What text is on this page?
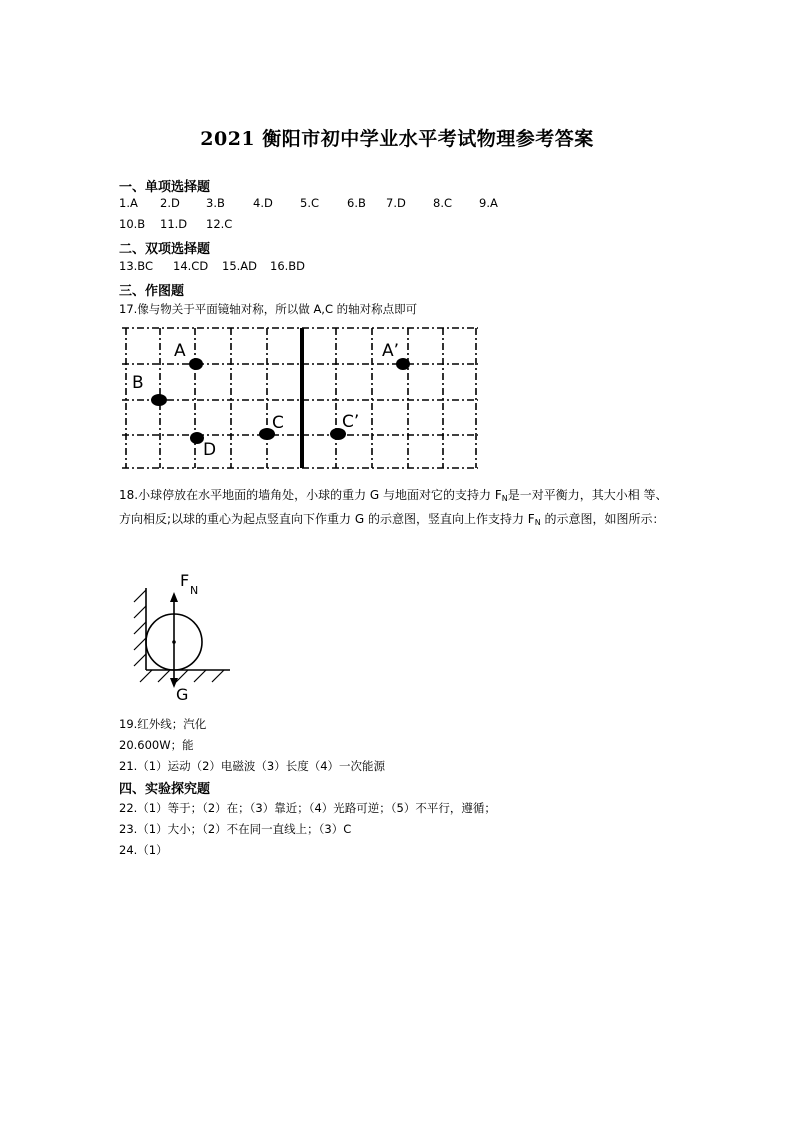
2021 衡阳市初中学业水平考试物理参考答案
一、单项选择题
1.A 2.D 3.B 4.D 5.C 6.B 7.D 8.C 9.A
10.B 11.D 12.C
二、双项选择题
13.BC 14.CD 15.AD 16.BD
三、作图题
17.像与物关于平面镜轴对称，所以做 A,C 的轴对称点即可
A
B
C
D
C’
A’
18.小球停放在水平地面的墙角处，小球的重力 G 与地面对它的支持力 $F_N$是一对平衡力，其大小相 等、方向相反;以球的重心为起点竖直向下作重力 G 的示意图，竖直向上作支持力 $F_N$ 的示意图，如图所示：
F
N
G
19.红外线；汽化
20.600W；能
21.（1）运动（2）电磁波（3）长度（4）一次能源
四、实验探究题
22.（1）等于；（2）在；（3）靠近；（4）光路可逆；（5）不平行，遵循；
23.（1）大小；（2）不在同一直线上；（3）C
24.（1）
